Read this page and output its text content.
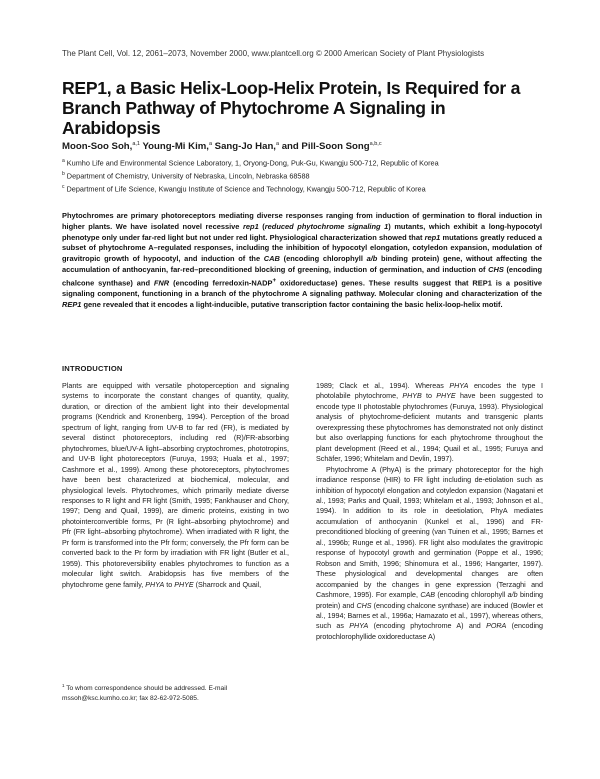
The Plant Cell, Vol. 12, 2061–2073, November 2000, www.plantcell.org © 2000 American Society of Plant Physiologists
REP1, a Basic Helix-Loop-Helix Protein, Is Required for a Branch Pathway of Phytochrome A Signaling in Arabidopsis
Moon-Soo Soh,$^{a,1}$ Young-Mi Kim,$^a$ Sang-Jo Han,$^a$ and Pill-Soon Song$^{a,b,c}$
$^a$ Kumho Life and Environmental Science Laboratory, 1, Oryong-Dong, Puk-Gu, Kwangju 500-712, Republic of Korea
$^b$ Department of Chemistry, University of Nebraska, Lincoln, Nebraska 68588
$^c$ Department of Life Science, Kwangju Institute of Science and Technology, Kwangju 500-712, Republic of Korea

Phytochromes are primary photoreceptors mediating diverse responses ranging from induction of germination to floral induction in higher plants. We have isolated novel recessive rep1 (reduced phytochrome signaling 1) mutants, which exhibit a long-hypocotyl phenotype only under far-red light but not under red light. Physiological characterization showed that rep1 mutations greatly reduced a subset of phytochrome A–regulated responses, including the inhibition of hypocotyl elongation, cotyledon expansion, modulation of gravitropic growth of hypocotyl, and induction of the CAB (encoding chlorophyll a/b binding protein) gene, without affecting the accumulation of anthocyanin, far-red–preconditioned blocking of greening, induction of germination, and induction of CHS (encoding chalcone synthase) and FNR (encoding ferredoxin-NADP+ oxidoreductase) genes. These results suggest that REP1 is a positive signaling component, functioning in a branch of the phytochrome A signaling pathway. Molecular cloning and characterization of the REP1 gene revealed that it encodes a light-inducible, putative transcription factor containing the basic helix-loop-helix motif.

INTRODUCTION

Plants are equipped with versatile photoperception and signaling systems to incorporate the constant changes of quantity, quality, duration, or direction of the ambient light into their developmental programs (Kendrick and Kronenberg, 1994). Perception of the broad spectrum of light, ranging from UV-B to far red (FR), is mediated by several distinct photoreceptors, including red (R)/FR-absorbing phytochromes, blue/UV-A light–absorbing cryptochromes, phototropins, and UV-B light photoreceptors (Furuya, 1993; Huala et al., 1997; Cashmore et al., 1999). Among these photoreceptors, phytochromes have been best characterized at biochemical, molecular, and physiological levels. Phytochromes, which primarily mediate diverse responses to R light and FR light (Smith, 1995; Fankhauser and Chory, 1997; Deng and Quail, 1999), are dimeric proteins, existing in two photointerconvertible forms, Pr (R light–absorbing phytochrome) and Pfr (FR light–absorbing phytochrome). When irradiated with R light, the Pr form is transformed into the Pfr form; conversely, the Pfr form can be converted back to the Pr form by irradiation with FR light (Butler et al., 1959). This photoreversibility enables phytochromes to function as a molecular light switch. Arabidopsis has five members of the phytochrome gene family, PHYA to PHYE (Sharrock and Quail,

1989; Clack et al., 1994). Whereas PHYA encodes the type I photolabile phytochrome, PHYB to PHYE have been suggested to encode type II photostable phytochromes (Furuya, 1993). Physiological analysis of phytochrome-deficient mutants and transgenic plants overexpressing these phytochromes has demonstrated not only distinct but also overlapping functions for each phytochrome throughout the plant development (Reed et al., 1994; Quail et al., 1995; Furuya and Schäfer, 1996; Whitelam and Devlin, 1997).
Phytochrome A (PhyA) is the primary photoreceptor for the high irradiance response (HIR) to FR light including de-etiolation such as inhibition of hypocotyl elongation and cotyledon expansion (Nagatani et al., 1993; Parks and Quail, 1993; Whitelam et al., 1993; Johnson et al., 1994). In addition to its role in deetiolation, PhyA mediates accumulation of anthocyanin (Kunkel et al., 1996) and FR-preconditioned blocking of greening (van Tuinen et al., 1995; Barnes et al., 1996b; Runge et al., 1996). FR light also modulates the gravitropic response of hypocotyl growth and germination (Poppe et al., 1996; Robson and Smith, 1996; Shinomura et al., 1996; Hangarter, 1997). These physiological and developmental changes are often accompanied by the changes in gene expression (Terzaghi and Cashmore, 1995). For example, CAB (encoding chlorophyll a/b binding protein) and CHS (encoding chalcone synthase) are induced (Bowler et al., 1994; Barnes et al., 1996a; Hamazato et al., 1997), whereas others, such as PHYA (encoding phytochrome A) and PORA (encoding protochlorophyllide oxidoreductase A)

$^1$ To whom correspondence should be addressed. E-mail mssoh@ksc.kumho.co.kr; fax 82-62-972-5085.
